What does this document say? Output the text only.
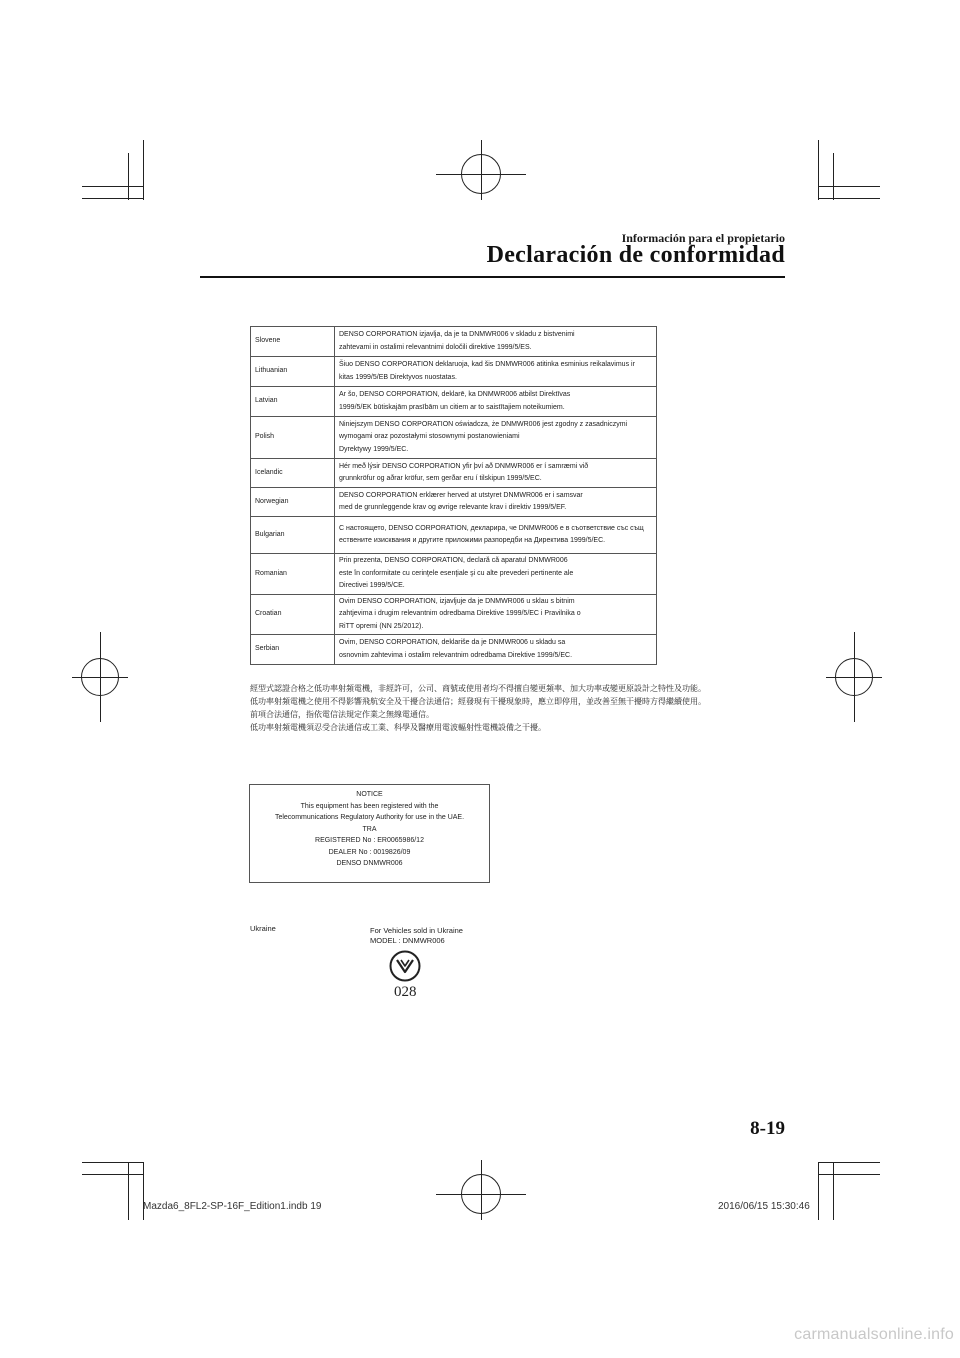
Información para el propietario
Declaración de conformidad
Slovene	DENSO CORPORATION izjavlja, da je ta DNMWR006 v skladu z bistvenimi
zahtevami in ostalimi relevantnimi določili direktive 1999/5/ES.

Lithuanian	Šiuo DENSO CORPORATION deklaruoja, kad šis DNMWR006 atitinka esminius reikalavimus ir
kitas 1999/5/EB Direktyvos nuostatas.

Latvian	Ar šo, DENSO CORPORATION, deklarē, ka DNMWR006 atbilst Direktīvas
1999/5/EK būtiskajām prasībām un citiem ar to saistītajiem noteikumiem.

Polish	Niniejszym DENSO CORPORATION oświadcza, że DNMWR006 jest zgodny z zasadniczymi
wymogami oraz pozostałymi stosownymi postanowieniami
Dyrektywy 1999/5/EC.

Icelandic	Hér með lýsir DENSO CORPORATION yfir því að DNMWR006 er í samræmi við
grunnkröfur og aðrar kröfur, sem gerðar eru í tilskipun 1999/5/EC.

Norwegian	DENSO CORPORATION erklærer herved at utstyret DNMWR006 er i samsvar
med de grunnleggende krav og øvrige relevante krav i direktiv 1999/5/EF.

Bulgarian	С настоящето, DENSO CORPORATION, декларира, че DNMWR006 е в съответствие със същ
ествените изисквания и другите приложими разпоредби на Директива 1999/5/EC.

Romanian	Prin prezenta, DENSO CORPORATION, declară că aparatul DNMWR006
este în conformitate cu cerinţele esenţiale şi cu alte prevederi pertinente ale
Directivei 1999/5/CE.

Croatian	Ovim DENSO CORPORATION, izjavljuje da je DNMWR006 u sklau s bitnim
zahtjevima i drugim relevantnim odredbama Direktive 1999/5/EC i Pravilnika o
RiTT opremi (NN 25/2012).

Serbian	Ovim, DENSO CORPORATION, deklariše da je DNMWR006 u skladu sa
osnovnim zahtevima i ostalim relevantnim odredbama Direktive 1999/5/EC.
經型式認證合格之低功率射頻電機，非經許可，公司、商號或使用者均不得擅自變更頻率、加大功率或變更原設計之特性及功能。
低功率射頻電機之使用不得影響飛航安全及干擾合法通信；經發現有干擾現象時，應立即停用，並改善至無干擾時方得繼續使用。
前項合法通信，指依電信法規定作業之無線電通信。
低功率射頻電機須忍受合法通信或工業、科學及醫療用電波輻射性電機設備之干擾。
NOTICE
This equipment has been registered with the
Telecommunications Regulatory Authority for use in the UAE.
TRA
REGISTERED No : ER0065986/12
DEALER No : 0019826/09
DENSO DNMWR006
Ukraine	For Vehicles sold in Ukraine
MODEL : DNMWR006
028
8-19
Mazda6_8FL2-SP-16F_Edition1.indb 19	2016/06/15 15:30:46
carmanualsonline.info
